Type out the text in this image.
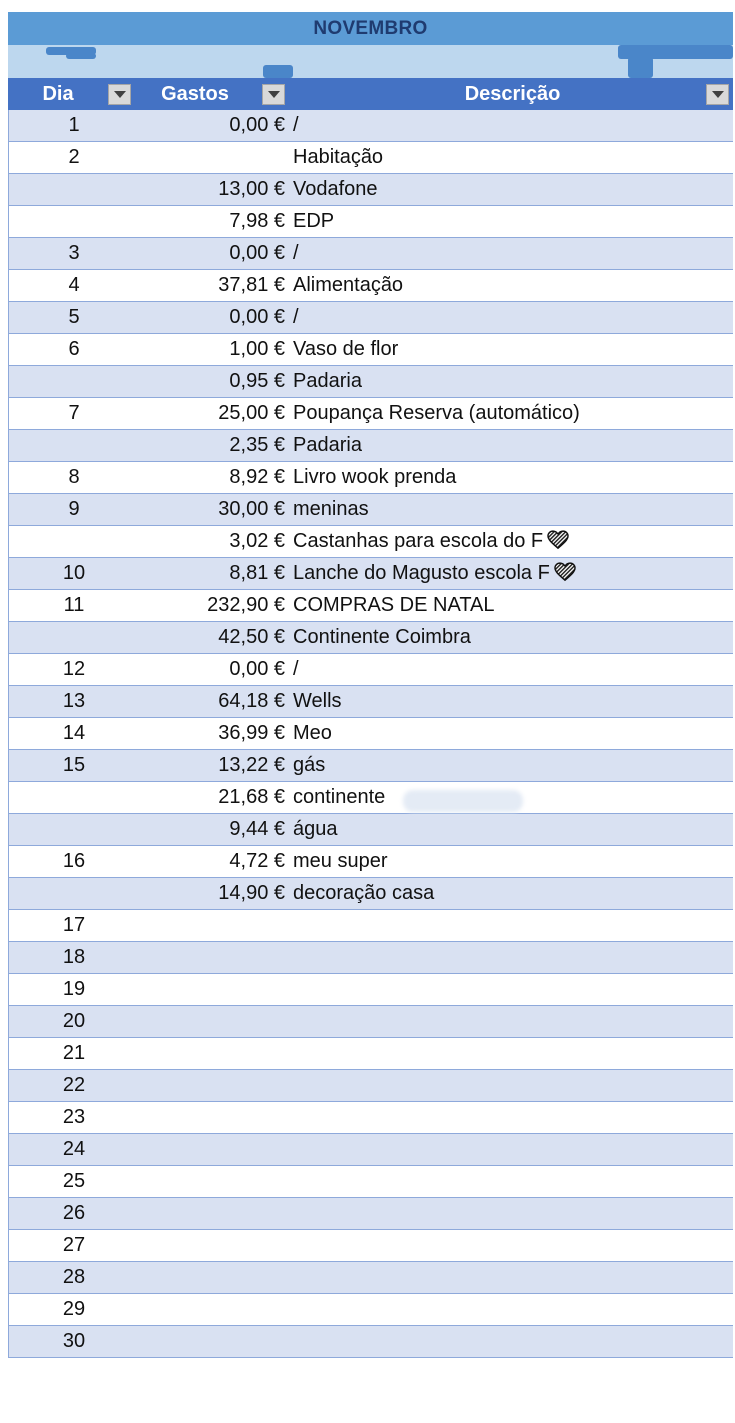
NOVEMBRO
Dia	Gastos	Descrição
1	0,00 € /
2	Habitação
13,00 € Vodafone
7,98 € EDP
3	0,00 € /
4	37,81 € Alimentação
5	0,00 € /
6	1,00 € Vaso de flor
0,95 € Padaria
7	25,00 € Poupança Reserva (automático)
2,35 € Padaria
8	8,92 € Livro wook prenda
9	30,00 € meninas
3,02 € Castanhas para escola do F
10	8,81 € Lanche do Magusto escola F
11	232,90 € COMPRAS DE NATAL
42,50 € Continente Coimbra
12	0,00 € /
13	64,18 € Wells
14	36,99 € Meo
15	13,22 € gás
21,68 € continente
9,44 € água
16	4,72 € meu super
14,90 € decoração casa
17
18
19
20
21
22
23
24
25
26
27
28
29
30
